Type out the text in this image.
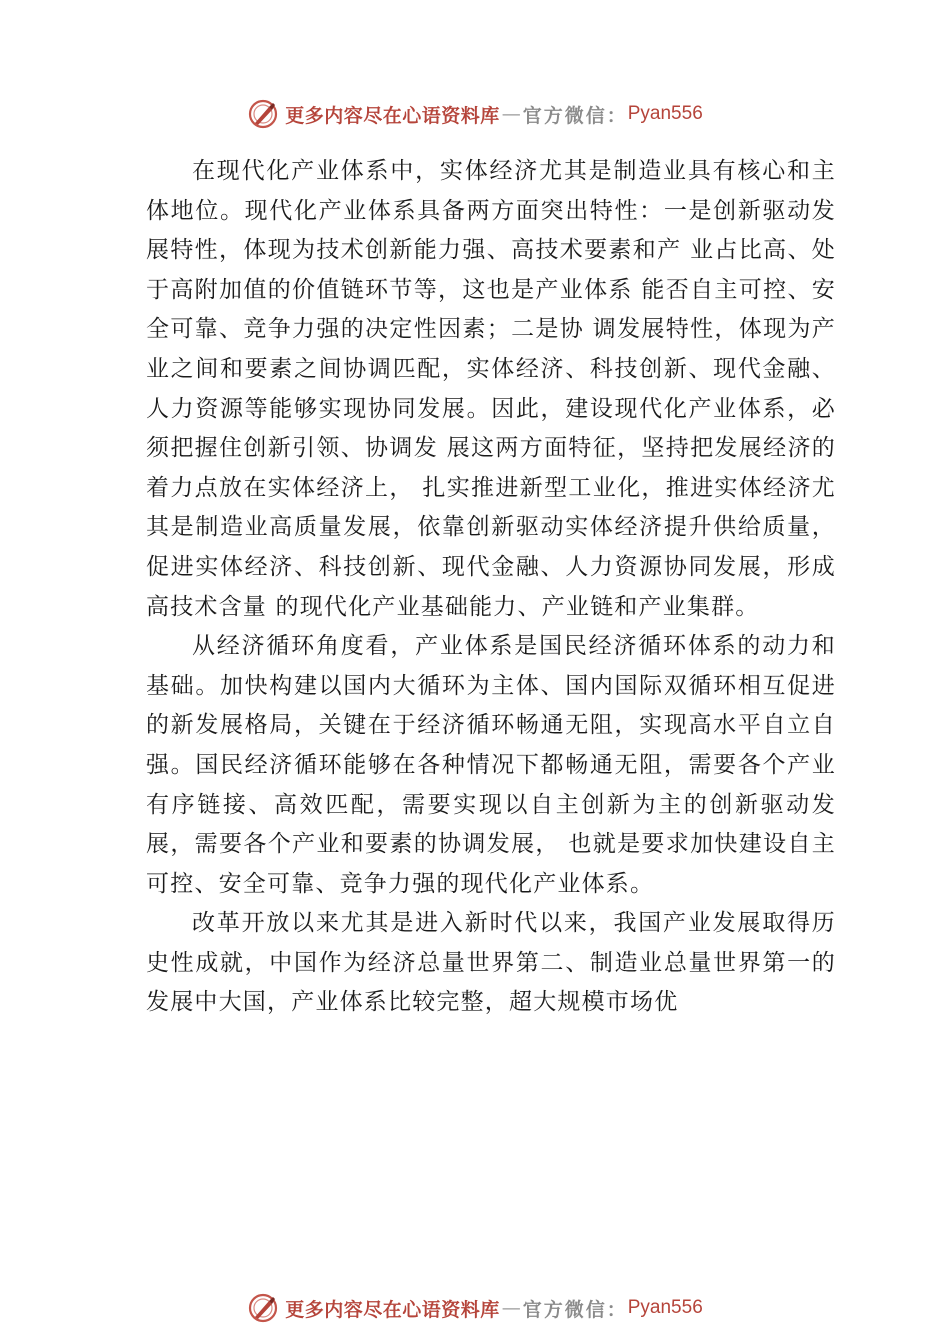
更多内容尽在心语资料库 — 官方微信： Pyan556

在现代化产业体系中，实体经济尤其是制造业具有核心和主体地位。现代化产业体系具备两方面突出特性：一是创新驱动发展特性，体现为技术创新能力强、高技术要素和产 业占比高、处于高附加值的价值链环节等，这也是产业体系 能否自主可控、安全可靠、竞争力强的决定性因素；二是协 调发展特性，体现为产业之间和要素之间协调匹配，实体经济、科技创新、现代金融、人力资源等能够实现协同发展。因此，建设现代化产业体系，必须把握住创新引领、协调发 展这两方面特征，坚持把发展经济的着力点放在实体经济上， 扎实推进新型工业化，推进实体经济尤其是制造业高质量发展，依靠创新驱动实体经济提升供给质量，促进实体经济、科技创新、现代金融、人力资源协同发展，形成高技术含量 的现代化产业基础能力、产业链和产业集群。

从经济循环角度看，产业体系是国民经济循环体系的动力和基础。加快构建以国内大循环为主体、国内国际双循环相互促进的新发展格局，关键在于经济循环畅通无阻，实现高水平自立自强。国民经济循环能够在各种情况下都畅通无阻，需要各个产业有序链接、高效匹配，需要实现以自主创新为主的创新驱动发展，需要各个产业和要素的协调发展， 也就是要求加快建设自主可控、安全可靠、竞争力强的现代化产业体系。

改革开放以来尤其是进入新时代以来，我国产业发展取得历史性成就，中国作为经济总量世界第二、制造业总量世界第一的发展中大国，产业体系比较完整，超大规模市场优

更多内容尽在心语资料库 — 官方微信： Pyan556
